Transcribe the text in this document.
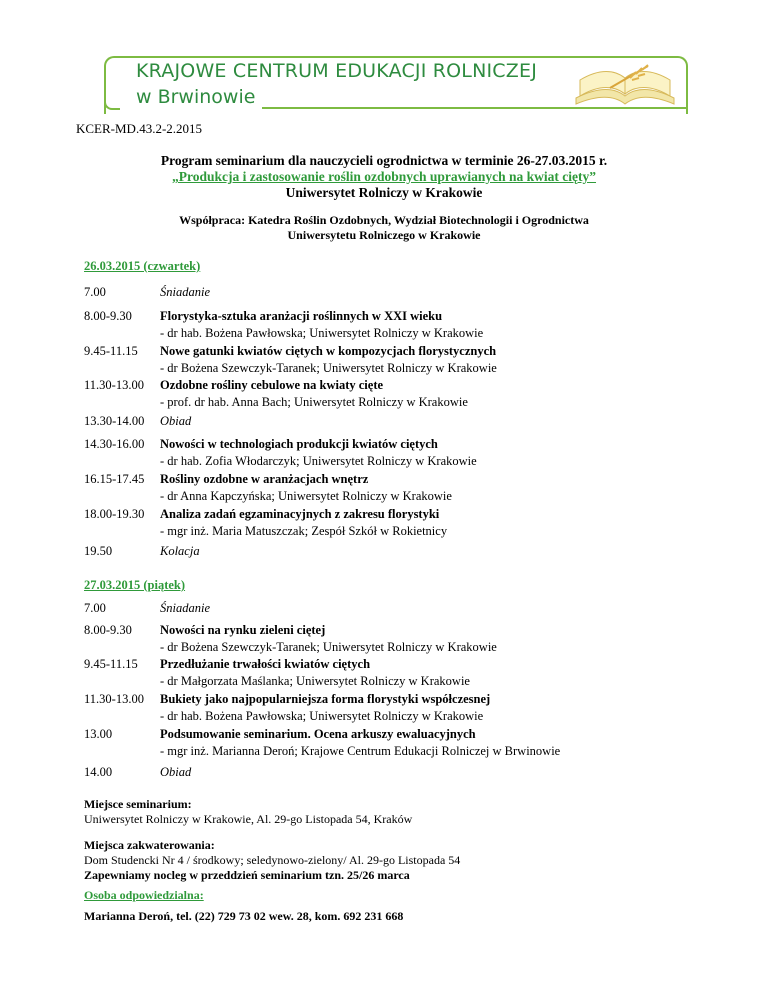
KRAJOWE CENTRUM EDUKACJI ROLNICZEJ
w Brwinowie
KCER-MD.43.2-2.2015
Program seminarium dla nauczycieli ogrodnictwa w terminie 26-27.03.2015 r.
„Produkcja i zastosowanie roślin ozdobnych uprawianych na kwiat cięty”
Uniwersytet Rolniczy w Krakowie
Współpraca: Katedra Roślin Ozdobnych, Wydział Biotechnologii i Ogrodnictwa
Uniwersytetu Rolniczego w Krakowie
26.03.2015 (czwartek)
7.00	Śniadanie
8.00-9.30 Florystyka-sztuka aranżacji roślinnych w XXI wieku
- dr hab. Bożena Pawłowska; Uniwersytet Rolniczy w Krakowie
9.45-11.15 Nowe gatunki kwiatów ciętych w kompozycjach florystycznych
- dr Bożena Szewczyk-Taranek; Uniwersytet Rolniczy w Krakowie
11.30-13.00 Ozdobne rośliny cebulowe na kwiaty cięte
- prof. dr hab. Anna Bach; Uniwersytet Rolniczy w Krakowie
13.30-14.00 Obiad
14.30-16.00 Nowości w technologiach produkcji kwiatów ciętych
- dr hab. Zofia Włodarczyk; Uniwersytet Rolniczy w Krakowie
16.15-17.45 Rośliny ozdobne w aranżacjach wnętrz
- dr Anna Kapczyńska; Uniwersytet Rolniczy w Krakowie
18.00-19.30 Analiza zadań egzaminacyjnych z zakresu florystyki
- mgr inż. Maria Matuszczak; Zespół Szkół w Rokietnicy
19.50	Kolacja
27.03.2015 (piątek)
7.00	Śniadanie
8.00-9.30 Nowości na rynku zieleni ciętej
- dr Bożena Szewczyk-Taranek; Uniwersytet Rolniczy w Krakowie
9.45-11.15 Przedłużanie trwałości kwiatów ciętych
- dr Małgorzata Maślanka; Uniwersytet Rolniczy w Krakowie
11.30-13.00 Bukiety jako najpopularniejsza forma florystyki współczesnej
- dr hab. Bożena Pawłowska; Uniwersytet Rolniczy w Krakowie
13.00	Podsumowanie seminarium. Ocena arkuszy ewaluacyjnych
- mgr inż. Marianna Deroń; Krajowe Centrum Edukacji Rolniczej w Brwinowie
14.00	Obiad
Miejsce seminarium:
Uniwersytet Rolniczy w Krakowie, Al. 29-go Listopada 54, Kraków
Miejsca zakwaterowania:
Dom Studencki Nr 4 / środkowy; seledynowo-zielony/ Al. 29-go Listopada 54
Zapewniamy nocleg w przeddzień seminarium tzn. 25/26 marca
Osoba odpowiedzialna:
Marianna Deroń, tel. (22) 729 73 02 wew. 28, kom. 692 231 668
